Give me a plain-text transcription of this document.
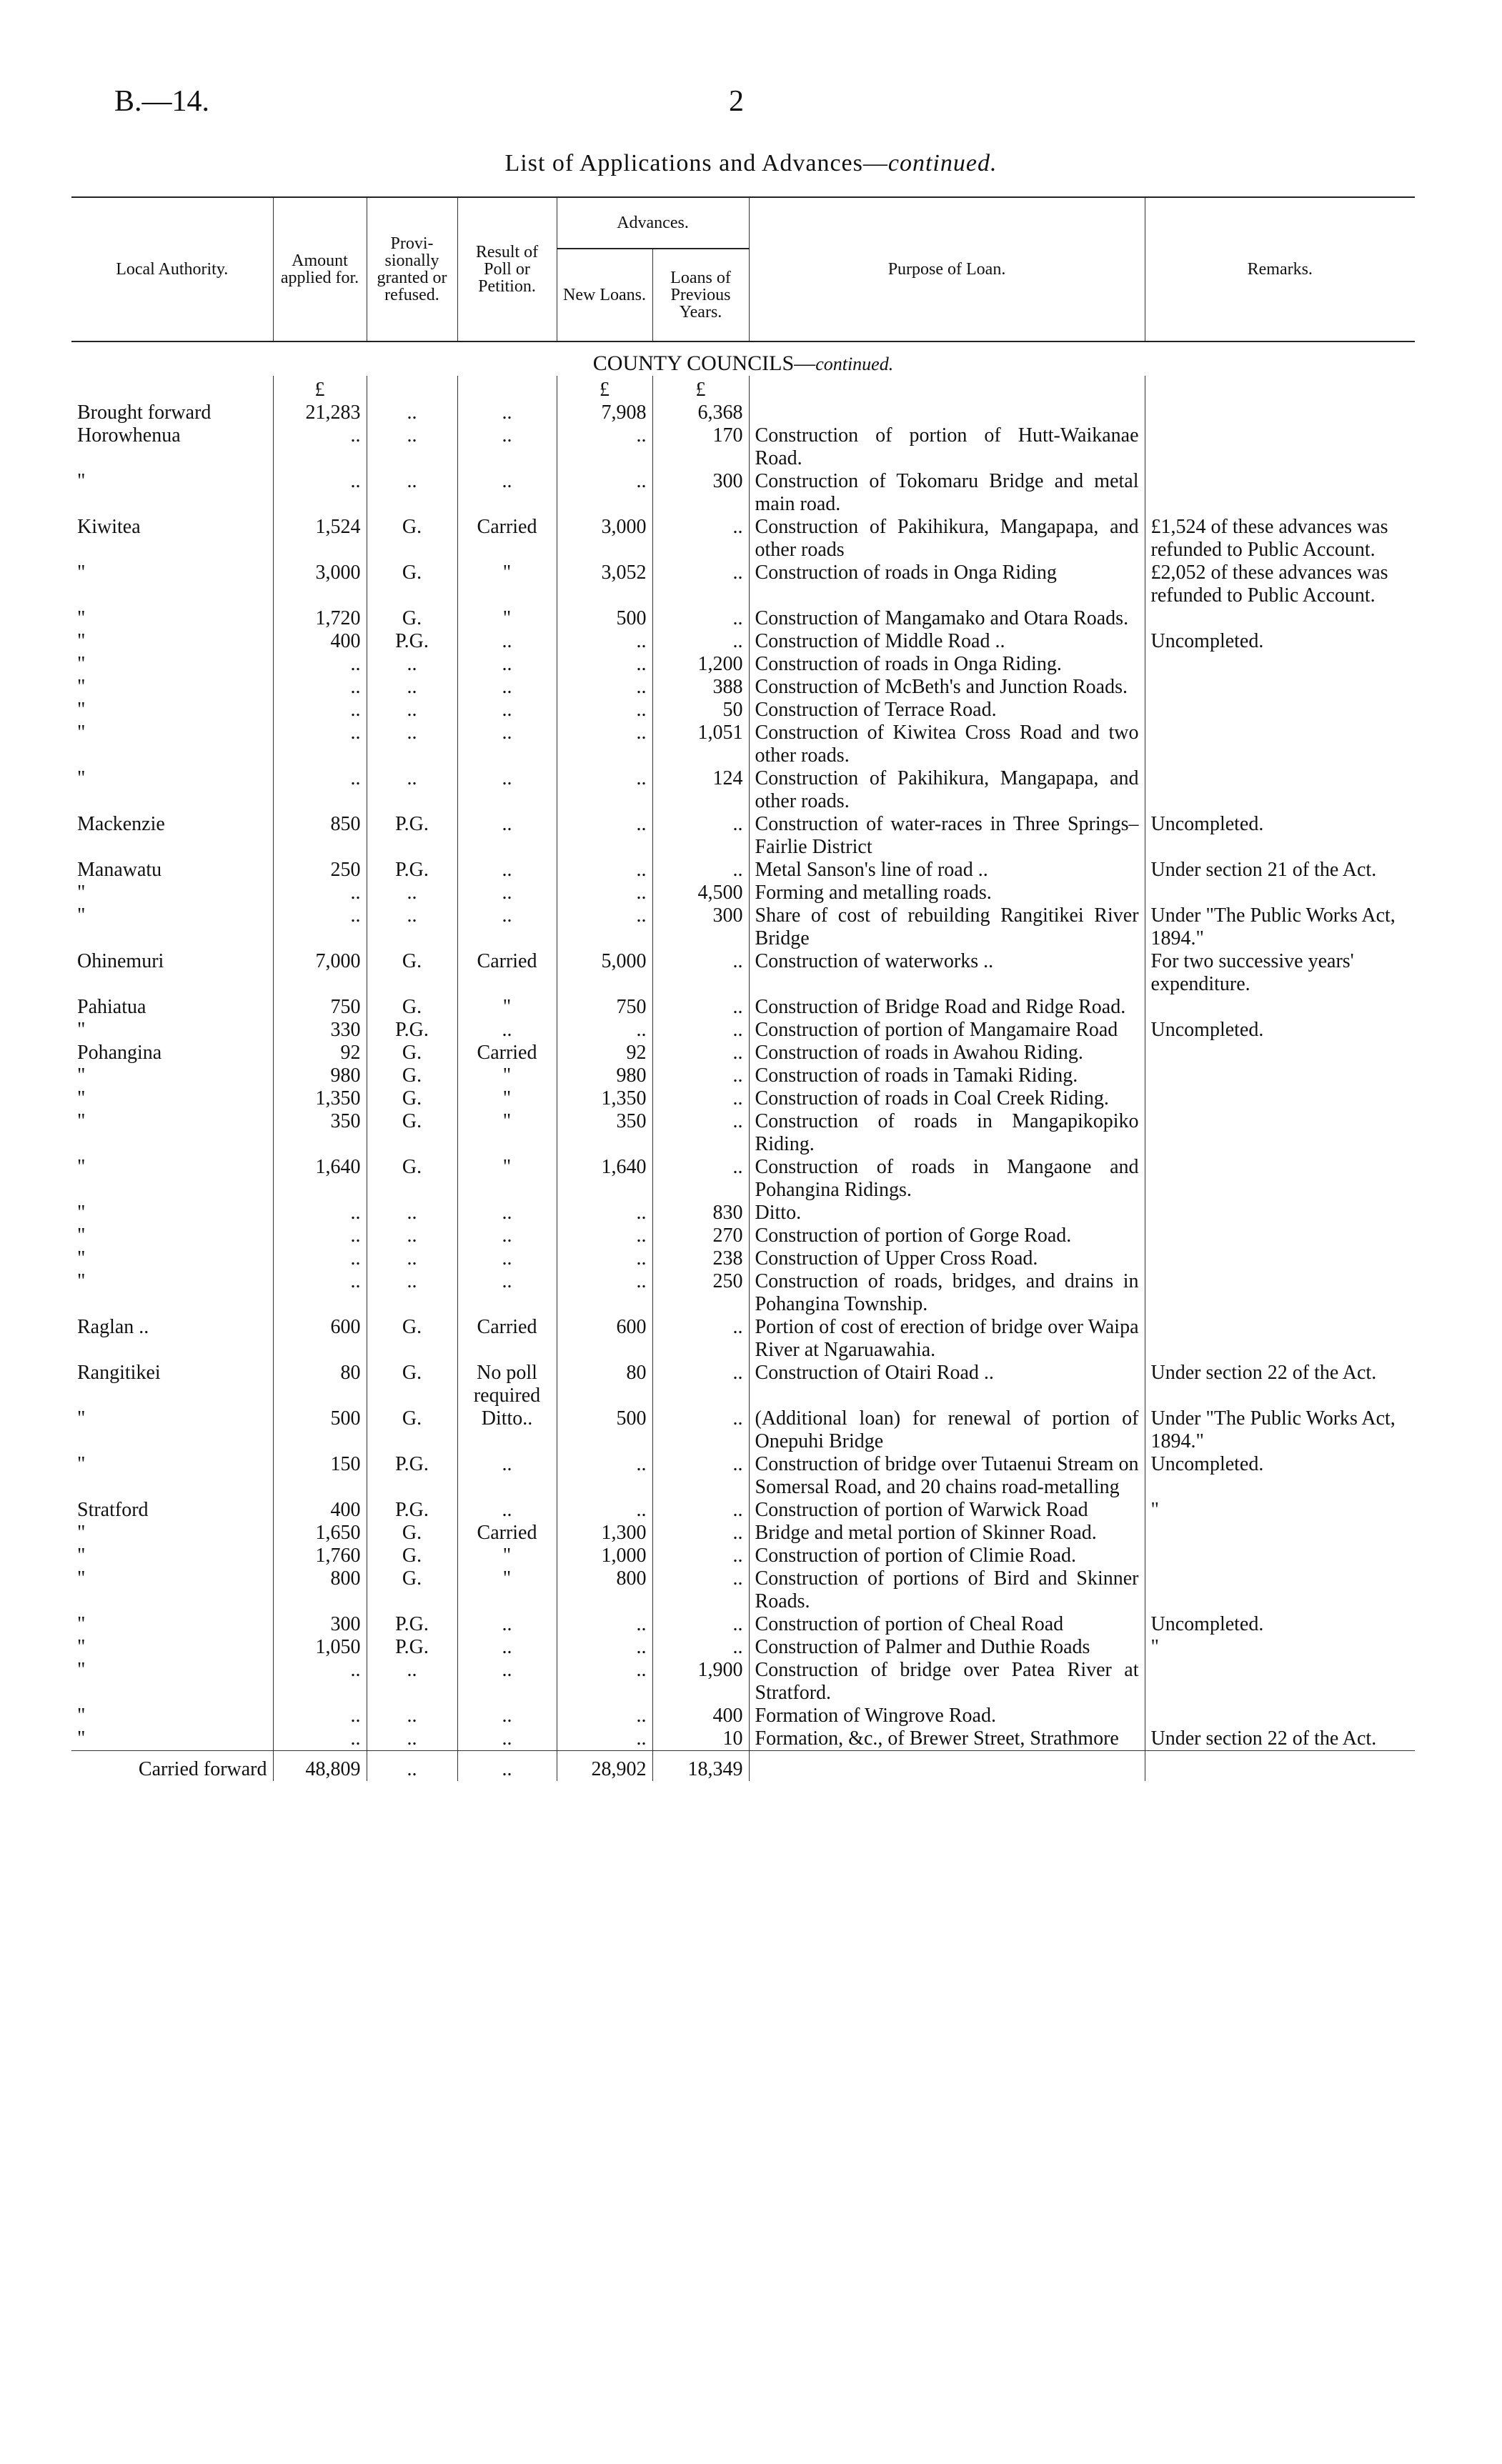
B.—14.	2
List of Applications and Advances—continued.
Local Authority.	Amount applied for.	Provi-sionally granted or refused.	Result of Poll or Petition.	Advances.		Purpose of Loan.	Remarks.
				New Loans.	Loans of Previous Years.		
COUNTY COUNCILS—continued.							
	£			£	£		
Brought forward	21,283	..	..	7,908	6,368		
Horowhenua	..	..	..	..	170	Construction of portion of Hutt-Waikanae Road.	
"	..	..	..	..	300	Construction of Tokomaru Bridge and metal main road.	
Kiwitea	1,524	G.	Carried	3,000	..	Construction of Pakihikura, Mangapapa, and other roads	£1,524 of these advances was refunded to Public Account.
"	3,000	G.	"	3,052	..	Construction of roads in Onga Riding	£2,052 of these advances was refunded to Public Account.
"	1,720	G.	"	500	..	Construction of Mangamako and Otara Roads.	
"	400	P.G.	..	..	..	Construction of Middle Road ..	Uncompleted.
"	..	..	..	..	1,200	Construction of roads in Onga Riding.	
"	..	..	..	..	388	Construction of McBeth's and Junction Roads.	
"	..	..	..	..	50	Construction of Terrace Road.	
"	..	..	..	..	1,051	Construction of Kiwitea Cross Road and two other roads.	
"	..	..	..	..	124	Construction of Pakihikura, Mangapapa, and other roads.	
Mackenzie	850	P.G.	..	..	..	Construction of water-races in Three Springs–Fairlie District	Uncompleted.
Manawatu	250	P.G.	..	..	..	Metal Sanson's line of road ..	Under section 21 of the Act.
"	..	..	..	..	4,500	Forming and metalling roads.	
"	..	..	..	..	300	Share of cost of rebuilding Rangitikei River Bridge	Under "The Public Works Act, 1894."
Ohinemuri	7,000	G.	Carried	5,000	..	Construction of waterworks ..	For two successive years' expenditure.
Pahiatua	750	G.	"	750	..	Construction of Bridge Road and Ridge Road.	
"	330	P.G.	..	..	..	Construction of portion of Mangamaire Road	Uncompleted.
Pohangina	92	G.	Carried	92	..	Construction of roads in Awahou Riding.	
"	980	G.	"	980	..	Construction of roads in Tamaki Riding.	
"	1,350	G.	"	1,350	..	Construction of roads in Coal Creek Riding.	
"	350	G.	"	350	..	Construction of roads in Mangapikopiko Riding.	
"	1,640	G.	"	1,640	..	Construction of roads in Mangaone and Pohangina Ridings.	
"	..	..	..	..	830	Ditto.	
"	..	..	..	..	270	Construction of portion of Gorge Road.	
"	..	..	..	..	238	Construction of Upper Cross Road.	
"	..	..	..	..	250	Construction of roads, bridges, and drains in Pohangina Township.	
Raglan ..	600	G.	Carried	600	..	Portion of cost of erection of bridge over Waipa River at Ngaruawahia.	
Rangitikei	80	G.	No poll required	80	..	Construction of Otairi Road ..	Under section 22 of the Act.
"	500	G.	Ditto..	500	..	(Additional loan) for renewal of portion of Onepuhi Bridge	Under "The Public Works Act, 1894."
"	150	P.G.	..	..	..	Construction of bridge over Tutaenui Stream on Somersal Road, and 20 chains road-metalling	Uncompleted.
Stratford	400	P.G.	..	..	..	Construction of portion of Warwick Road	"
"	1,650	G.	Carried	1,300	..	Bridge and metal portion of Skinner Road.	
"	1,760	G.	"	1,000	..	Construction of portion of Climie Road.	
"	800	G.	"	800	..	Construction of portions of Bird and Skinner Roads.	
"	300	P.G.	..	..	..	Construction of portion of Cheal Road	Uncompleted.
"	1,050	P.G.	..	..	..	Construction of Palmer and Duthie Roads	"
"	..	..	..	..	1,900	Construction of bridge over Patea River at Stratford.	
"	..	..	..	..	400	Formation of Wingrove Road.	
"	..	..	..	..	10	Formation, &c., of Brewer Street, Strathmore	Under section 22 of the Act.
Carried forward	48,809	..	..	28,902	18,349		
